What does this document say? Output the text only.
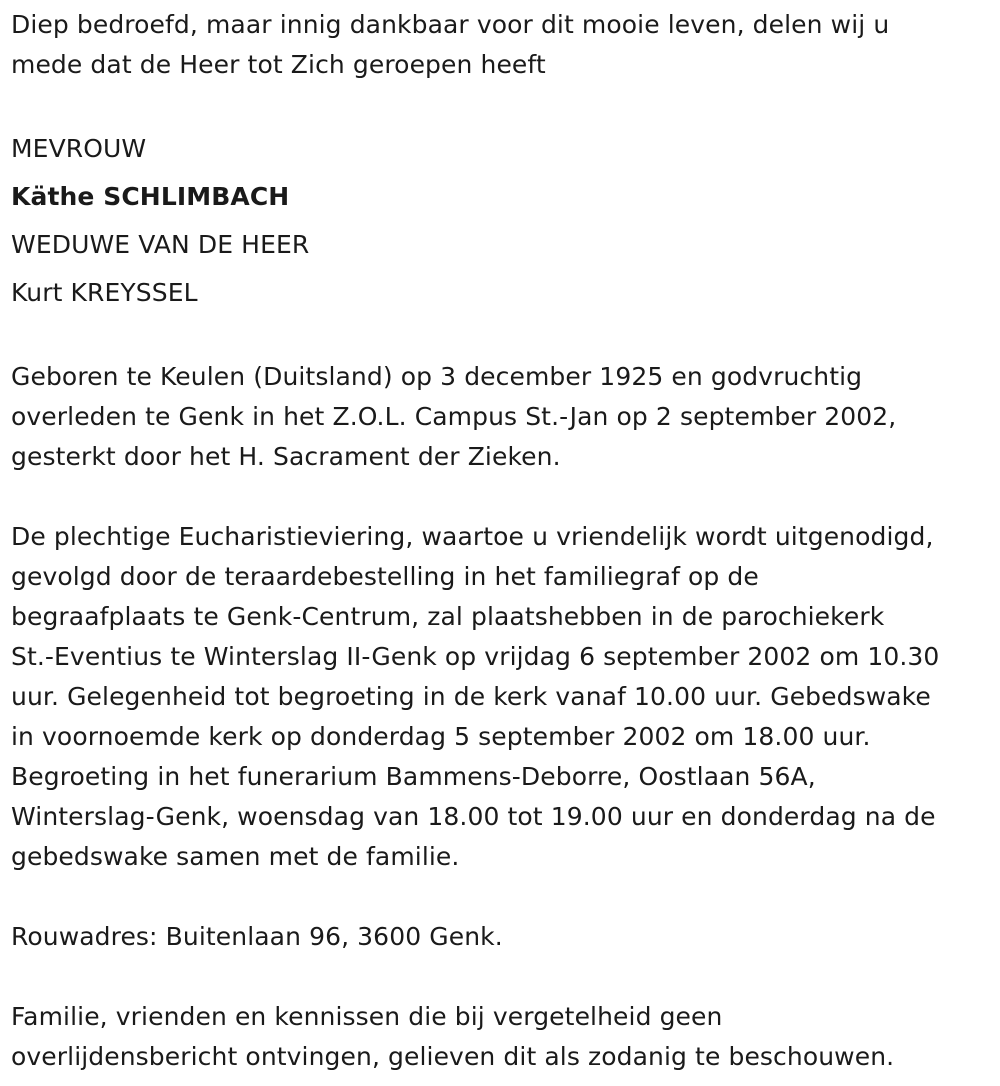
Diep bedroefd, maar innig dankbaar voor dit mooie leven, delen wij u

mede dat de Heer tot Zich geroepen heeft

MEVROUW

Käthe SCHLIMBACH

WEDUWE VAN DE HEER

Kurt KREYSSEL

Geboren te Keulen (Duitsland) op 3 december 1925 en godvruchtig

overleden te Genk in het Z.O.L. Campus St.-Jan op 2 september 2002,

gesterkt door het H. Sacrament der Zieken.

De plechtige Eucharistieviering, waartoe u vriendelijk wordt uitgenodigd,

gevolgd door de teraardebestelling in het familiegraf op de

begraafplaats te Genk-Centrum, zal plaatshebben in de parochiekerk

St.-Eventius te Winterslag II-Genk op vrijdag 6 september 2002 om 10.30

uur. Gelegenheid tot begroeting in de kerk vanaf 10.00 uur. Gebedswake

in voornoemde kerk op donderdag 5 september 2002 om 18.00 uur.

Begroeting in het funerarium Bammens-Deborre, Oostlaan 56A,

Winterslag-Genk, woensdag van 18.00 tot 19.00 uur en donderdag na de

gebedswake samen met de familie.

Rouwadres: Buitenlaan 96, 3600 Genk.

Familie, vrienden en kennissen die bij vergetelheid geen

overlijdensbericht ontvingen, gelieven dit als zodanig te beschouwen.
